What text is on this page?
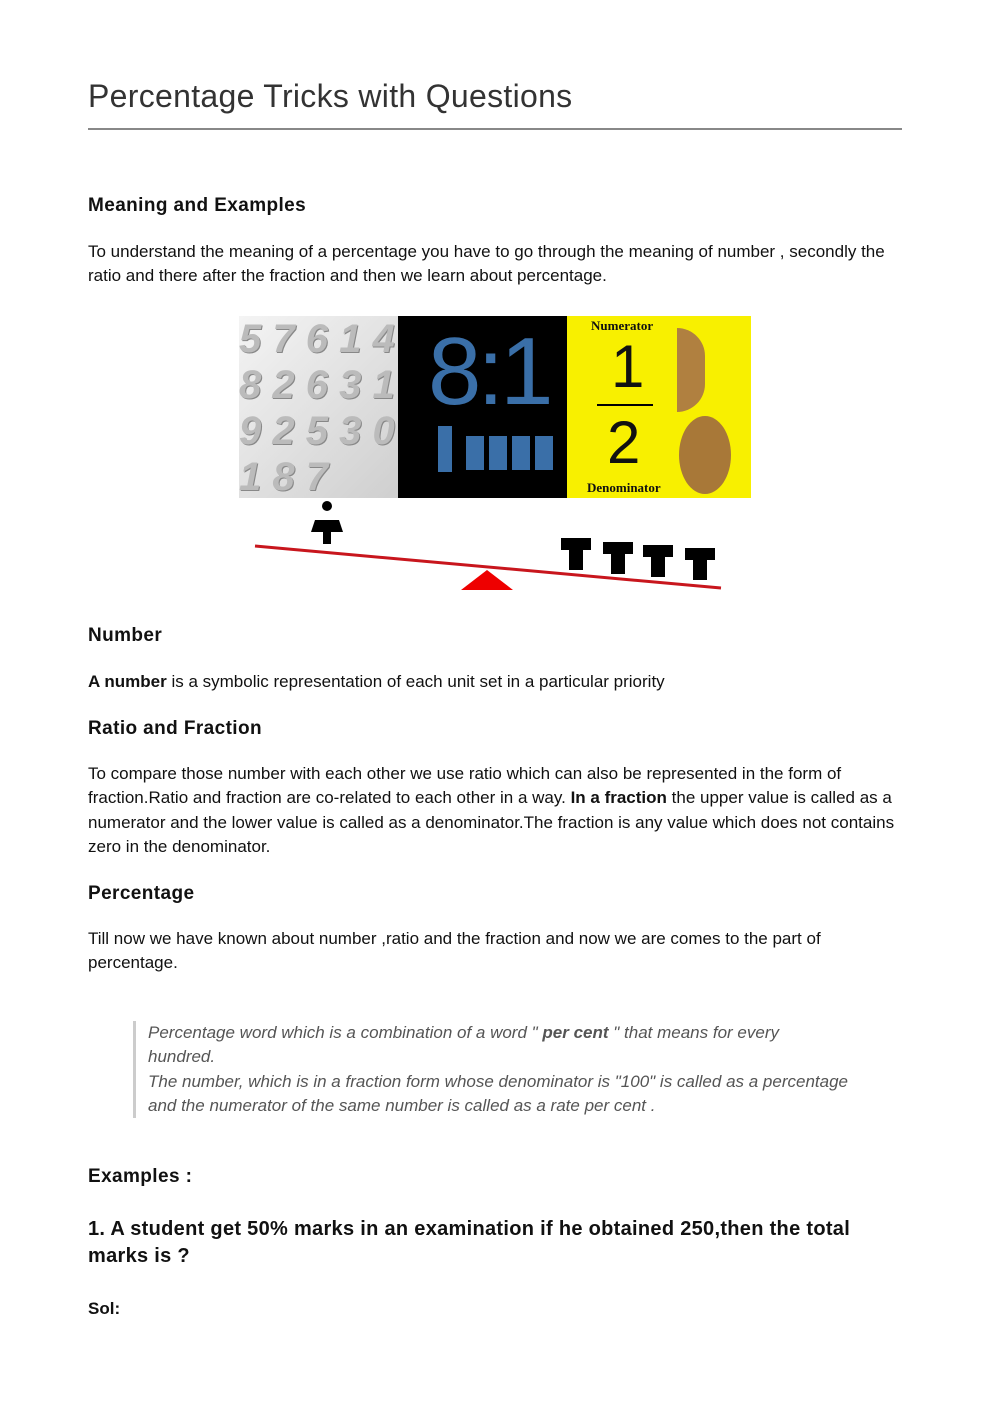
Percentage Tricks with Questions
Meaning and Examples

To understand the meaning of a percentage you have to go through the meaning of number , secondly the ratio and there after the fraction and then we learn about percentage.

5 7 6 1 4 8 2 6 3 1 9 2 5 3 0 1 8 7
8:1	Numerator
1
2
Denominator
Number

A number is a symbolic representation of each unit set in a particular priority

Ratio and Fraction

To compare those number with each other we use ratio which can also be represented in the form of fraction.Ratio and fraction are co-related to each other in a way. In a fraction the upper value is called as a numerator and the lower value is called as a denominator.The fraction is any value which does not contains zero in the denominator.

Percentage

Till now we have known about number ,ratio and the fraction and now we are comes to the part of percentage.

Percentage word which is a combination of a word " per cent " that means for every hundred.
The number, which is in a fraction form whose denominator is "100" is called as a percentage and the numerator of the same number is called as a rate per cent .
Examples :
1. A student get 50% marks in an examination if he obtained 250,then the total marks is ?
Sol:
